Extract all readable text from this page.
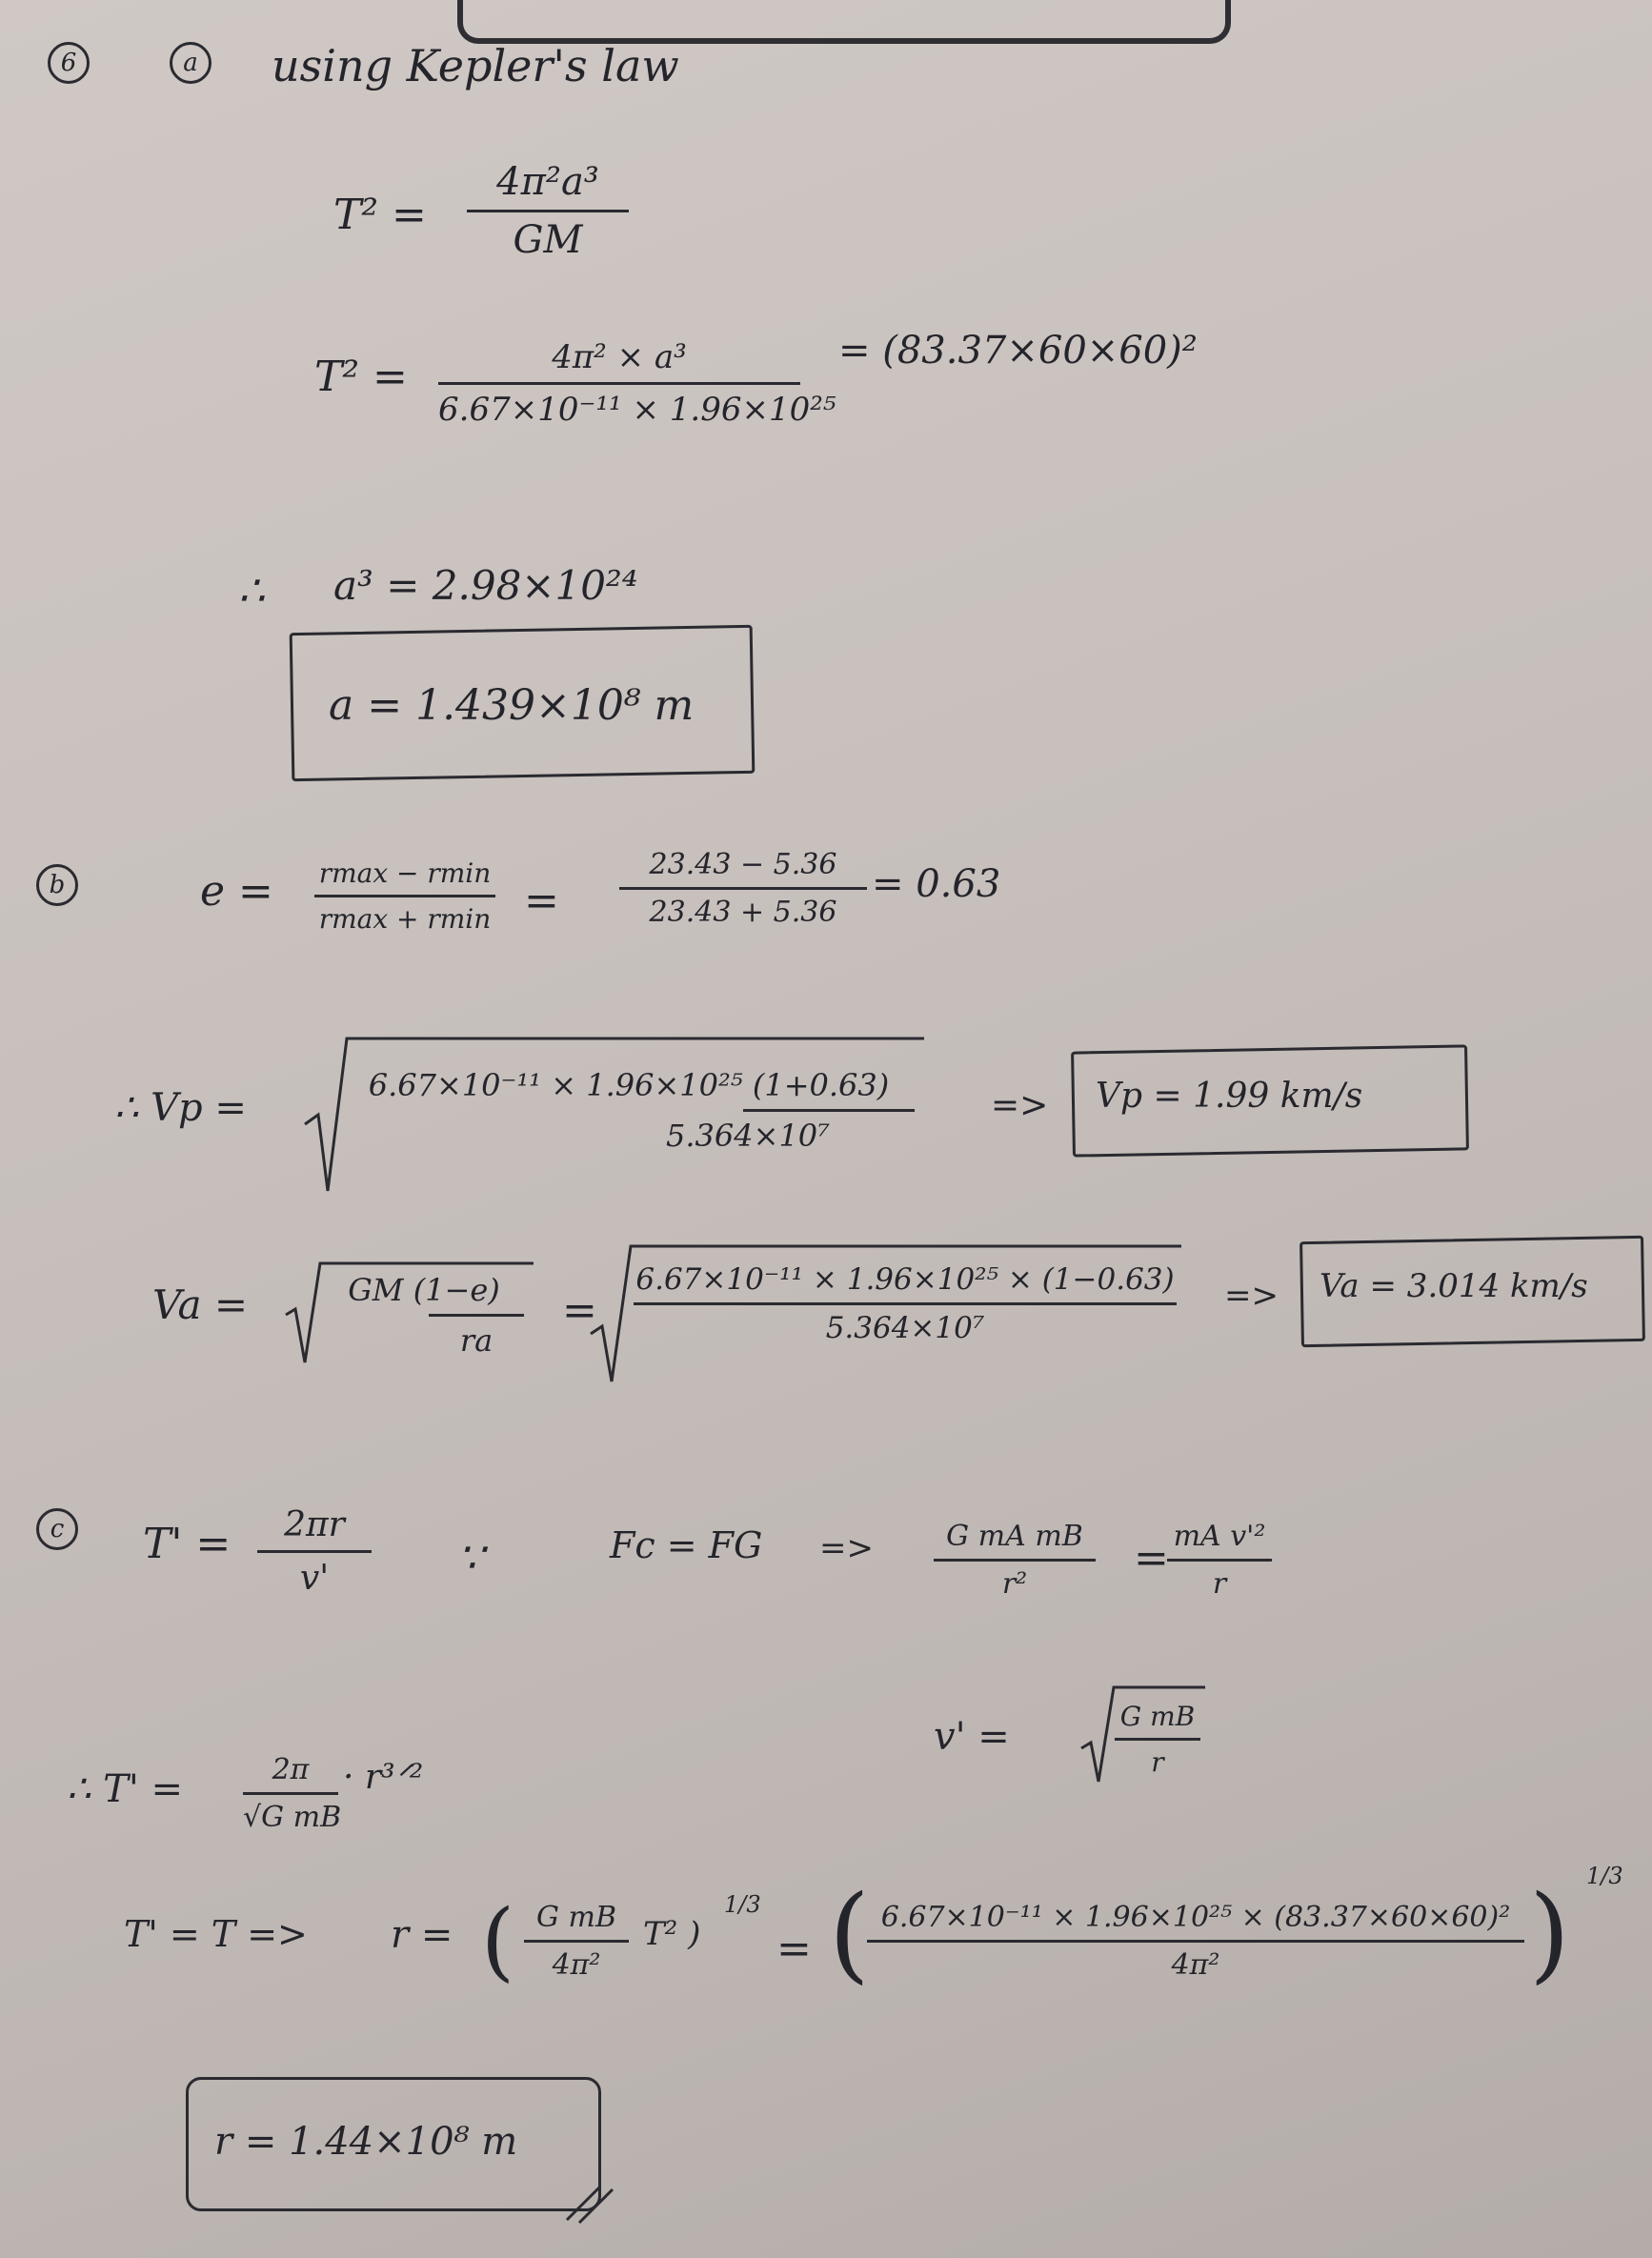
6	a	using Kepler's law
T² =
4π²a³
GM
T² =	4π² × a³
6.67×10⁻¹¹ × 1.96×10²⁵
= (83.37×60×60)²
∴ a³ = 2.98×10²⁴
a = 1.439×10⁸ m
b	e = rmax − rmin
rmax + rmin =
23.43 − 5.36
23.43 + 5.36
= 0.63
∴ Vp =
6.67×10⁻¹¹ × 1.96×10²⁵ (1+0.63)
5.364×10⁷
=> Vp = 1.99 km/s
Va =	GM (1−e)
ra
=
6.67×10⁻¹¹ × 1.96×10²⁵ × (1−0.63)
5.364×10⁷
=> Va = 3.014 km/s
c	T' =	2πr
v'	∵	Fc = FG =>	G mA mB
r²
= mA v'²
r
v' =	G mB
r
∴ T' =	2π
√G mB
· r³ᐟ²
T' = T => r = ( G mB
4π²
T² )
1/3
= ( 6.67×10⁻¹¹ × 1.96×10²⁵ × (83.37×60×60)²
4π²	) 1/3
r = 1.44×10⁸ m
